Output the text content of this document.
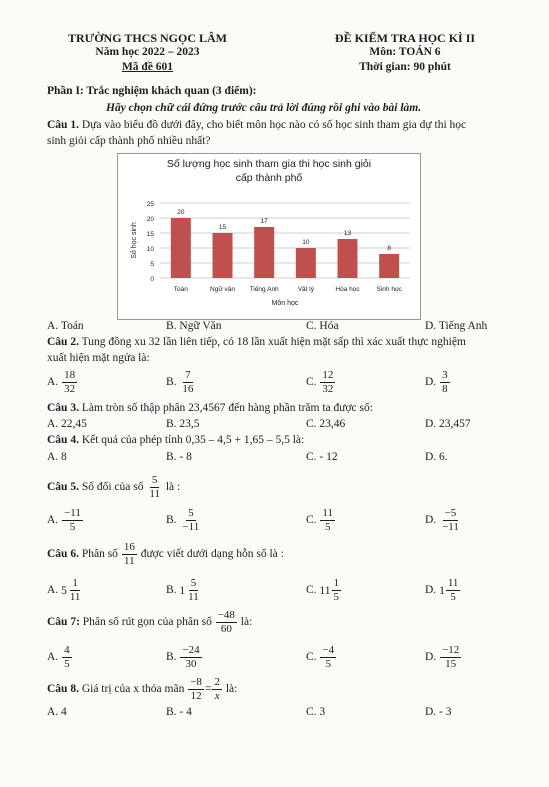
TRƯỜNG THCS NGỌC LÂM
Năm học 2022 – 2023
Mã đề 601
ĐỀ KIỂM TRA HỌC KÌ II
Môn: TOÁN 6
Thời gian: 90 phút
Phần I: Trắc nghiệm khách quan (3 điểm):
Hãy chọn chữ cái đứng trước câu trả lời đúng rồi ghi vào bài làm.
Câu 1. Dựa vào biểu đồ dưới đây, cho biết môn học nào có số học sinh tham gia dự thi học
sinh giỏi cấp thành phố nhiều nhất?
Số lượng học sinh tham gia thi học sinh giỏi
cấp thành phố
0
5
10
15
20
25
20
Toán
15
Ngữ văn
17
Tiếng Anh
10
Vật lý
13
Hóa học
8
Sinh học
Môn học
Số học sinh
A. Toán	B. Ngữ Văn	C. Hóa	D. Tiếng Anh
Câu 2. Tung đồng xu 32 lần liên tiếp, có 18 lần xuất hiện mặt sấp thì xác xuất thực nghiệm
xuất hiện mặt ngửa là:
A. $\frac{18}{32}$	B. $\frac{7}{16}$	C. $\frac{12}{32}$	D. $\frac{3}{8}$
Câu 3. Làm tròn số thập phân 23,4567 đến hàng phần trăm ta được số:
A. 22,45	B. 23,5	C. 23,46	D. 23,457
Câu 4. Kết quả của phép tính 0,35 – 4,5 + 1,65 – 5,5 là:
A. 8	B. - 8	C. - 12	D. 6.
Câu 5. Số đối của số $\frac{5}{11}$ là :
A. $\frac{-11}{5}$	B. $\frac{5}{-11}$	C. $\frac{11}{5}$	D. $\frac{-5}{-11}$
Câu 6. Phân số $\frac{16}{11}$ được viết dưới dạng hỗn số là :
A. $5 \frac{1}{11}$	B. $1 \frac{5}{11}$	C. $11 \frac{1}{5}$	D. $1 \frac{11}{5}$
Câu 7: Phân số rút gọn của phân số $\frac{-48}{60}$ là:
A. $\frac{4}{5}$	B. $\frac{-24}{30}$	C. $\frac{-4}{5}$	D. $\frac{-12}{15}$
Câu 8. Giá trị của x thỏa mãn $\frac{-8}{12} = \frac{2}{x}$ là:
A. 4	B. - 4	C. 3	D. - 3
